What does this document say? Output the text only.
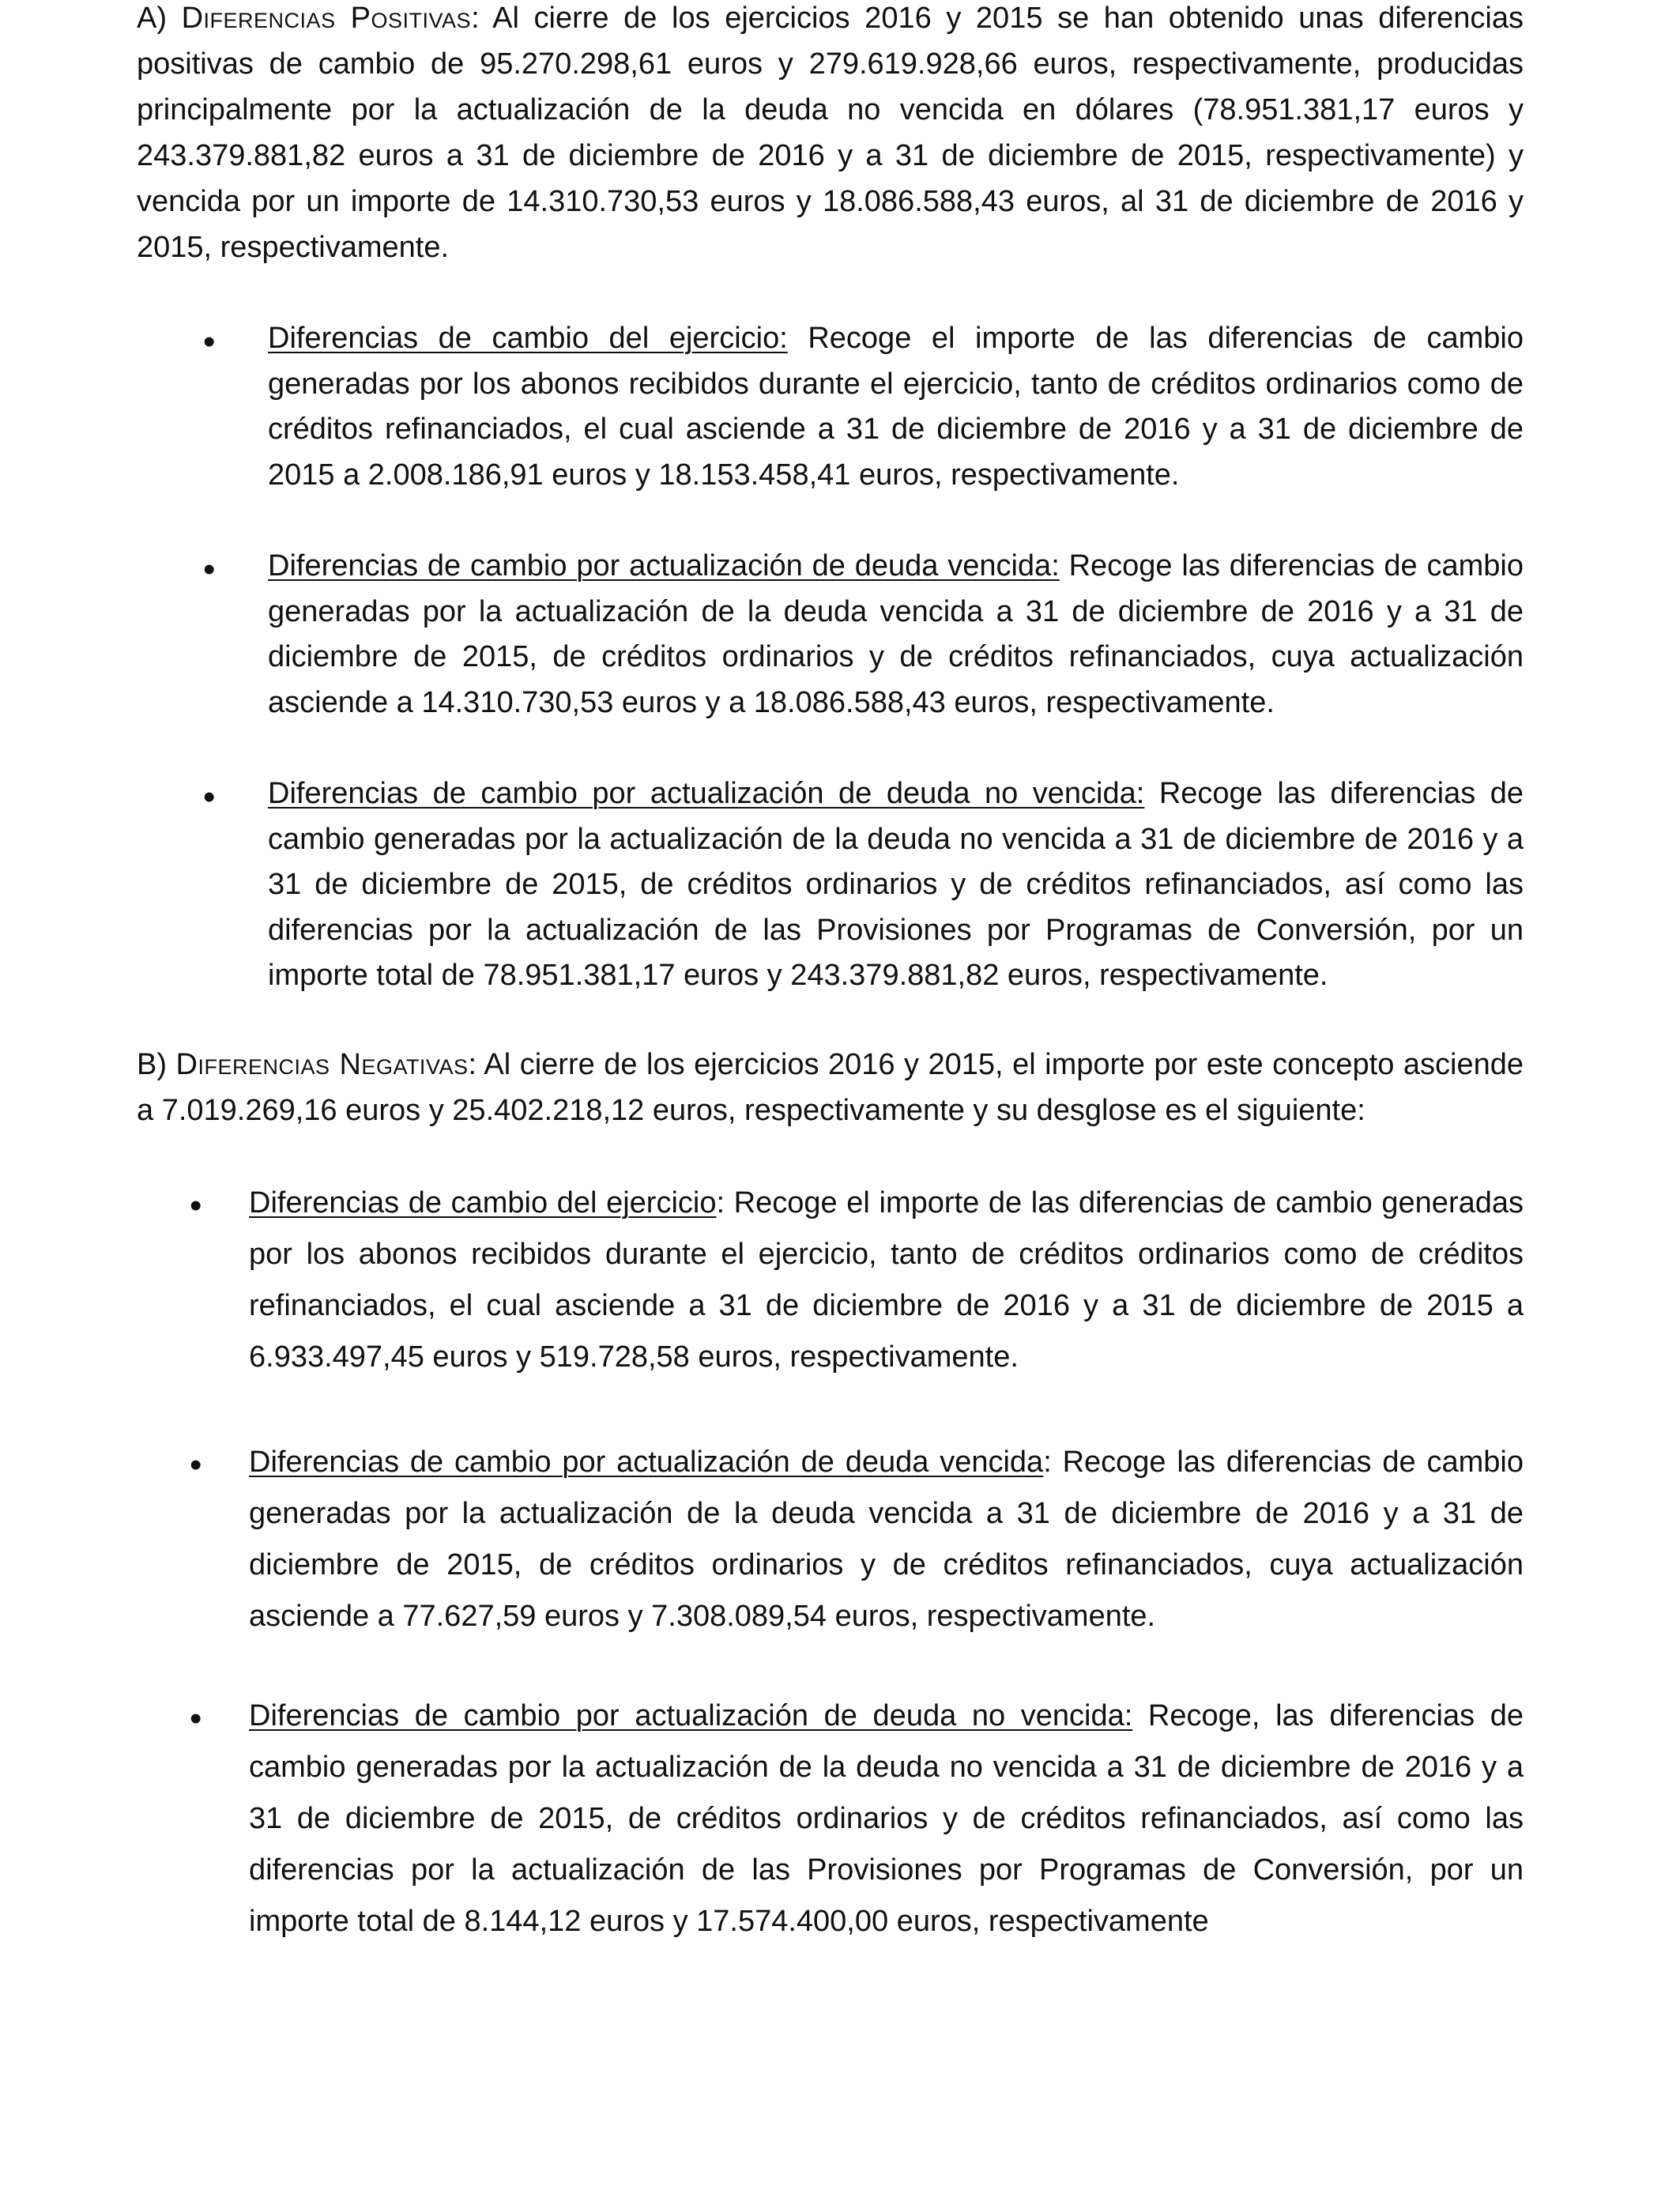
A) Diferencias Positivas: Al cierre de los ejercicios 2016 y 2015 se han obtenido unas diferencias positivas de cambio de 95.270.298,61 euros y 279.619.928,66 euros, respectivamente, producidas principalmente por la actualización de la deuda no vencida en dólares (78.951.381,17 euros y 243.379.881,82 euros a 31 de diciembre de 2016 y a 31 de diciembre de 2015, respectivamente) y vencida por un importe de 14.310.730,53 euros y 18.086.588,43 euros, al 31 de diciembre de 2016 y 2015, respectivamente.

• Diferencias de cambio del ejercicio: Recoge el importe de las diferencias de cambio generadas por los abonos recibidos durante el ejercicio, tanto de créditos ordinarios como de créditos refinanciados, el cual asciende a 31 de diciembre de 2016 y a 31 de diciembre de 2015 a 2.008.186,91 euros y 18.153.458,41 euros, respectivamente.

• Diferencias de cambio por actualización de deuda vencida: Recoge las diferencias de cambio generadas por la actualización de la deuda vencida a 31 de diciembre de 2016 y a 31 de diciembre de 2015, de créditos ordinarios y de créditos refinanciados, cuya actualización asciende a 14.310.730,53 euros y a 18.086.588,43 euros, respectivamente.

• Diferencias de cambio por actualización de deuda no vencida: Recoge las diferencias de cambio generadas por la actualización de la deuda no vencida a 31 de diciembre de 2016 y a 31 de diciembre de 2015, de créditos ordinarios y de créditos refinanciados, así como las diferencias por la actualización de las Provisiones por Programas de Conversión, por un importe total de 78.951.381,17 euros y 243.379.881,82 euros, respectivamente.

B) Diferencias Negativas: Al cierre de los ejercicios 2016 y 2015, el importe por este concepto asciende a 7.019.269,16 euros y 25.402.218,12 euros, respectivamente y su desglose es el siguiente:

• Diferencias de cambio del ejercicio: Recoge el importe de las diferencias de cambio generadas por los abonos recibidos durante el ejercicio, tanto de créditos ordinarios como de créditos refinanciados, el cual asciende a 31 de diciembre de 2016 y a 31 de diciembre de 2015 a 6.933.497,45 euros y 519.728,58 euros, respectivamente.

• Diferencias de cambio por actualización de deuda vencida: Recoge las diferencias de cambio generadas por la actualización de la deuda vencida a 31 de diciembre de 2016 y a 31 de diciembre de 2015, de créditos ordinarios y de créditos refinanciados, cuya actualización asciende a 77.627,59 euros y 7.308.089,54 euros, respectivamente.

• Diferencias de cambio por actualización de deuda no vencida: Recoge, las diferencias de cambio generadas por la actualización de la deuda no vencida a 31 de diciembre de 2016 y a 31 de diciembre de 2015, de créditos ordinarios y de créditos refinanciados, así como las diferencias por la actualización de las Provisiones por Programas de Conversión, por un importe total de 8.144,12 euros y 17.574.400,00 euros, respectivamente
